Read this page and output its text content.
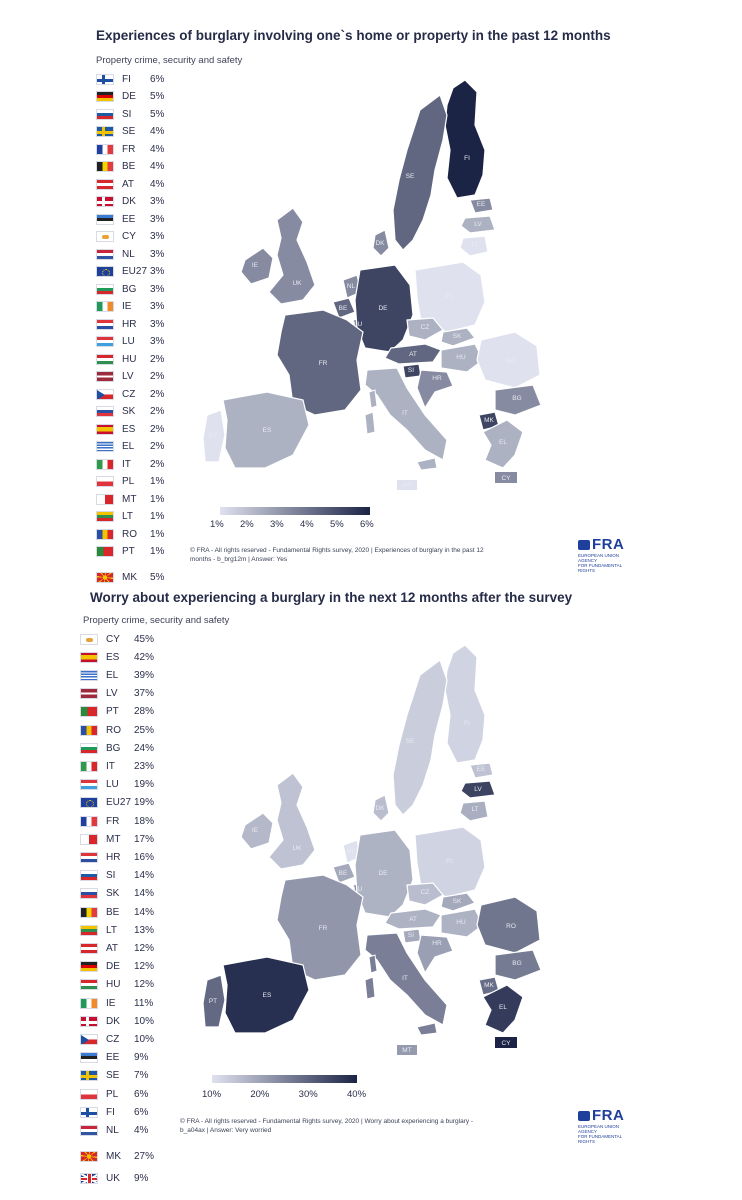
Experiences of burglary involving one`s home or property in the past 12 months
Property crime, security and safety
FI	6%
DE	5%
SI	5%
SE	4%
FR	4%
BE	4%
AT	4%
DK	3%
EE	3%
CY	3%
NL	3%
EU27 3%
BG	3%
IE	3%
HR	3%
LU	3%
HU	2%
LV	2%
CZ	2%
SK	2%
ES	2%
EL	2%
IT	2%
PL	1%
MT	1%
LT	1%
RO	1%
PT	1%
MK	5%
FI
SE
EE
LV
LT
DK
IE
UK	NL
BE
LU
DE
PL
CZ
SK
AT	HU
RO
SI
HR
FR
IT
BG
MK
EL
PT
ES
MT
CY
1% 2% 3% 4% 5% 6%
© FRA - All rights reserved - Fundamental Rights survey, 2020 | Experiences of burglary in the past 12
months - b_brg12m | Answer: Yes
FRA
EUROPEAN UNION AGENCY
FOR FUNDAMENTAL RIGHTS
Worry about experiencing a burglary in the next 12 months after the survey
Property crime, security and safety
CY	45%
ES	42%
EL	39%
LV	37%
PT	28%
RO	25%
BG	24%
IT	23%
LU	19%
EU27 19%
FR	18%
MT	17%
HR	16%
SI	14%
SK	14%
BE	14%
LT	13%
AT	12%
DE	12%
HU	12%
IE	11%
DK	10%
CZ	10%
EE	9%
SE	7%
PL	6%
FI	6%
NL	4%
MK	27%
UK	9%
FI
SE
EE
LV
LT
DK
IE
UK	NL
BE
LU
DE
PL
CZ
SK
AT	HU
RO
SI
HR
FR
IT
BG
MK
EL
PT
ES
MT
CY
10%	20%	30%	40%
© FRA - All rights reserved - Fundamental Rights survey, 2020 | Worry about experiencing a burglary -
b_a04ax | Answer: Very worried
FRA
EUROPEAN UNION AGENCY
FOR FUNDAMENTAL RIGHTS
